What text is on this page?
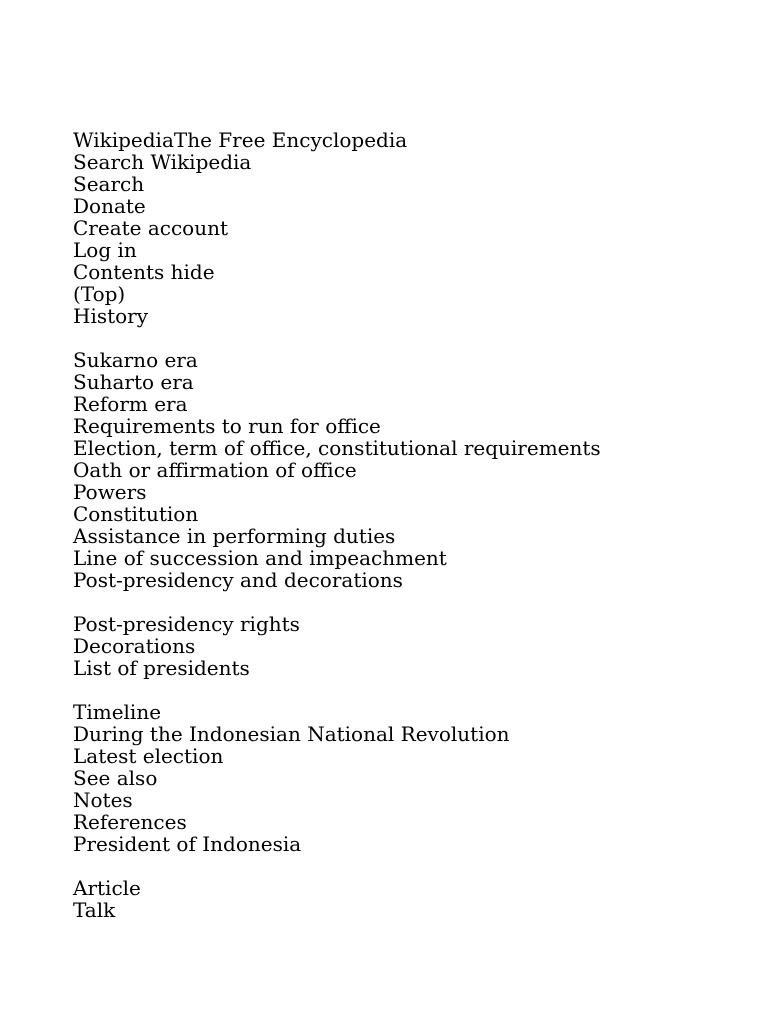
WikipediaThe Free Encyclopedia
Search Wikipedia
Search
Donate
Create account
Log in
Contents hide
(Top)
History
Sukarno era
Suharto era
Reform era
Requirements to run for office
Election, term of office, constitutional requirements
Oath or affirmation of office
Powers
Constitution
Assistance in performing duties
Line of succession and impeachment
Post-presidency and decorations
Post-presidency rights
Decorations
List of presidents
Timeline
During the Indonesian National Revolution
Latest election
See also
Notes
References
President of Indonesia
Article
Talk
